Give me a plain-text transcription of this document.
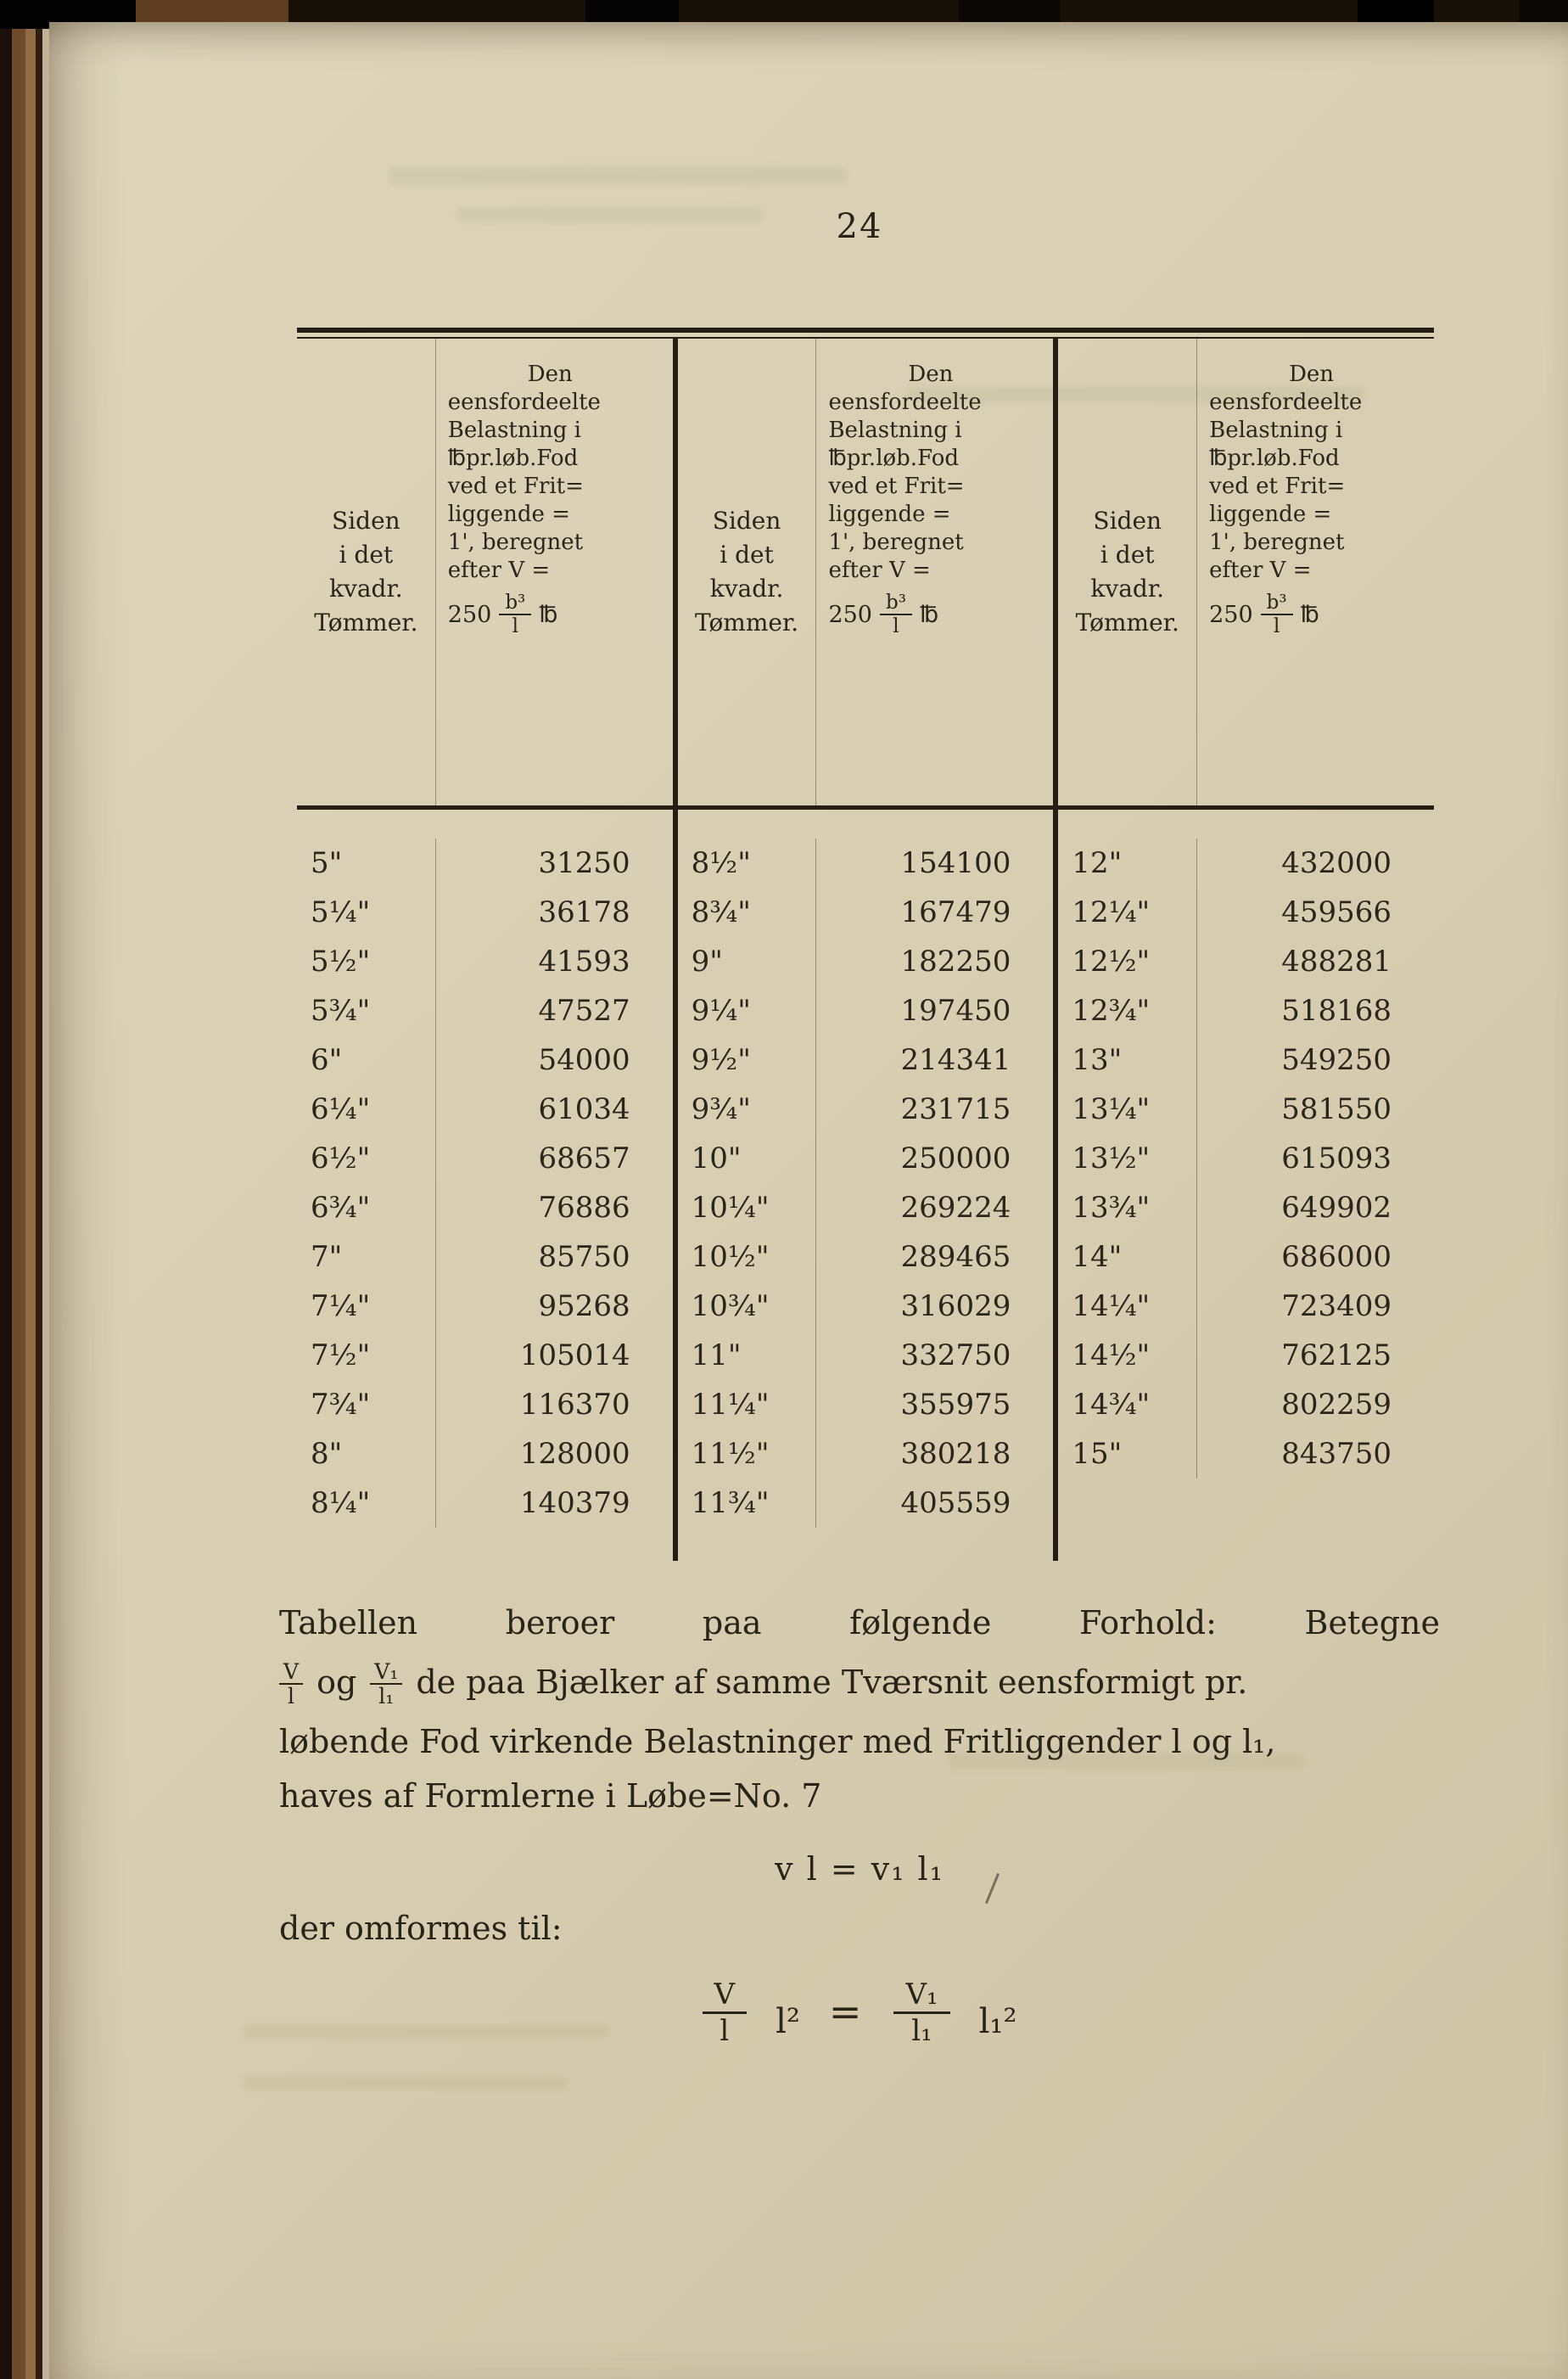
24
Siden
i det
kvadr.
Tømmer.
Den
eensfordeelte
Belastning i
℔pr.løb.Fod
ved et Frit=
liggende =
1', beregnet
efter V =
$250 \frac{\text{b³}}{l}$ ℔
5"	31250
5¼"	36178
5½"	41593
5¾"	47527
6"	54000
6¼"	61034
6½"	68657
6¾"	76886
7"	85750
7¼"	95268
7½"	105014
7¾"	116370
8"	128000
8¼"	140379
Siden
i det
kvadr.
Tømmer.
Den
eensfordeelte
Belastning i
℔pr.løb.Fod
ved et Frit=
liggende =
1', beregnet
efter V =
$250 \frac{\text{b³}}{l}$ ℔
8½"	154100
8¾"	167479
9"	182250
9¼"	197450
9½"	214341
9¾"	231715
10"	250000
10¼"	269224
10½"	289465
10¾"	316029
11"	332750
11¼"	355975
11½"	380218
11¾"	405559
Siden
i det
kvadr.
Tømmer.
Den
eensfordeelte
Belastning i
℔pr.løb.Fod
ved et Frit=
liggende =
1', beregnet
efter V =
$250 \frac{\text{b³}}{l}$ ℔
12"	432000
12¼"	459566
12½"	488281
12¾"	518168
13"	549250
13¼"	581550
13½"	615093
13¾"	649902
14"	686000
14¼"	723409
14½"	762125
14¾"	802259
15"	843750
Tabellen beroer paa følgende Forhold: Betegne
$\frac{V}{l}$ og $\frac{\text{V₁}}{\text{l₁}}$ de paa Bjælker af samme Tværsnit eensformigt pr.
løbende Fod virkende Belastninger med Fritliggender l og l₁,
haves af Formlerne i Løbe=No. 7
v l = v₁ l₁
der omformes til:
$\frac{V}{l} l^2 = \frac{\text{V₁}}{\text{l₁}} l_1^2$
